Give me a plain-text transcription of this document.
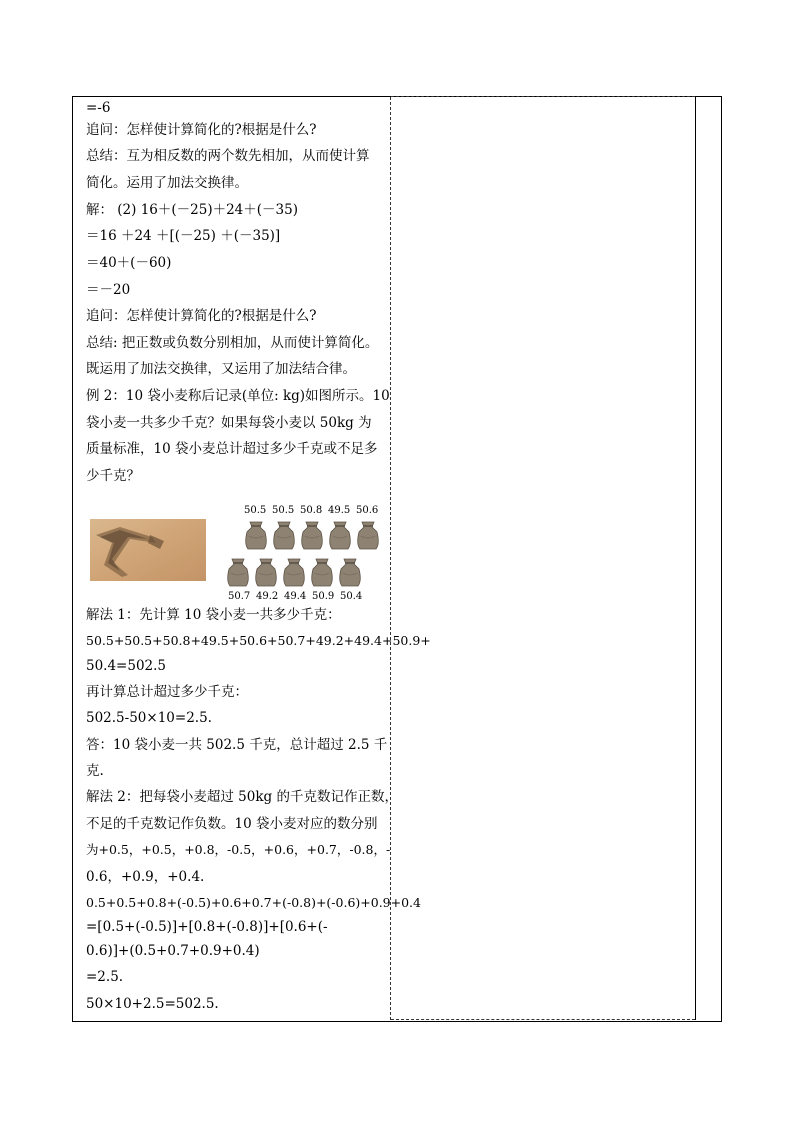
=-6
追问：怎样使计算简化的?根据是什么?
总结：互为相反数的两个数先相加，从而使计算
简化。运用了加法交换律。
解： (2) 16＋(－25)＋24＋(－35)
＝16 ＋24 ＋[(－25) ＋(－35)]
＝40＋(－60)
＝－20
追问：怎样使计算简化的?根据是什么?
总结: 把正数或负数分别相加，从而使计算简化。
既运用了加法交换律，又运用了加法结合律。
例 2：10 袋小麦称后记录(单位: kg)如图所示。10
袋小麦一共多少千克？如果每袋小麦以 50kg 为
质量标准，10 袋小麦总计超过多少千克或不足多
少千克？
解法 1：先计算 10 袋小麦一共多少千克：
50.5+50.5+50.8+49.5+50.6+50.7+49.2+49.4+50.9+
50.4=502.5
再计算总计超过多少千克：
502.5-50×10=2.5.
答：10 袋小麦一共 502.5 千克，总计超过 2.5 千
克.
解法 2：把每袋小麦超过 50kg 的千克数记作正数，
不足的千克数记作负数。10 袋小麦对应的数分别
为+0.5，+0.5，+0.8，-0.5，+0.6，+0.7，-0.8，-
0.6，+0.9，+0.4.
0.5+0.5+0.8+(-0.5)+0.6+0.7+(-0.8)+(-0.6)+0.9+0.4
=[0.5+(-0.5)]+[0.8+(-0.8)]+[0.6+(-
0.6)]+(0.5+0.7+0.9+0.4)
=2.5.
50×10+2.5=502.5.
50.5 50.5 50.8 49.5 50.6
50.7 49.2 49.4 50.9 50.4
